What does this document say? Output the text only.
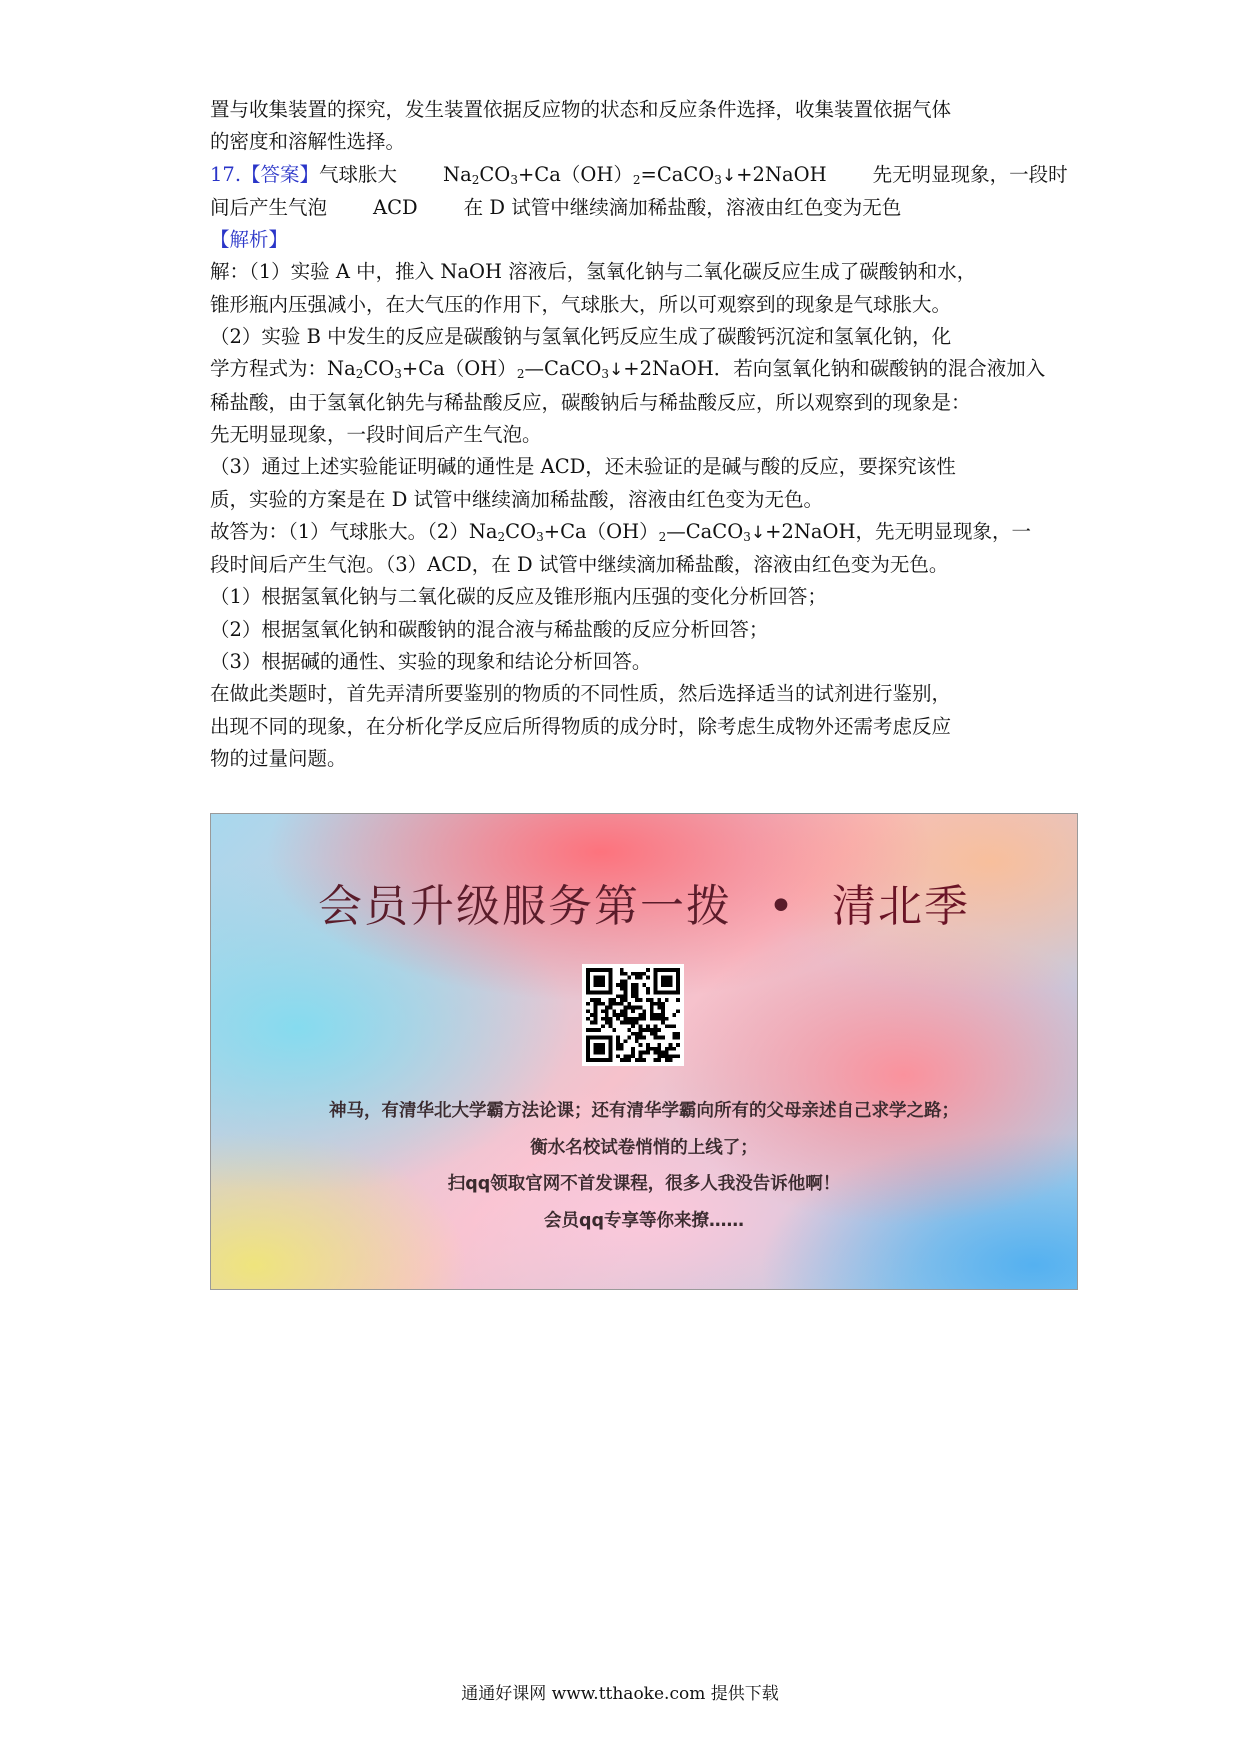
置与收集装置的探究，发生装置依据反应物的状态和反应条件选择，收集装置依据气体
的密度和溶解性选择。
17.【答案】气球胀大 $Na_2CO_3+Ca(OH)_2=CaCO_3↓+2NaOH$ 先无明显现象，一段时
间后产生气泡 ACD 在 D 试管中继续滴加稀盐酸，溶液由红色变为无色
【解析】
解：（1）实验 A 中，推入 NaOH 溶液后，氢氧化钠与二氧化碳反应生成了碳酸钠和水，
锥形瓶内压强减小，在大气压的作用下，气球胀大，所以可观察到的现象是气球胀大。
（2）实验 B 中发生的反应是碳酸钠与氢氧化钙反应生成了碳酸钙沉淀和氢氧化钠，化
学方程式为：$Na_2CO_3+Ca(OH)_2—CaCO_3↓+2NaOH$．若向氢氧化钠和碳酸钠的混合液加入
稀盐酸，由于氢氧化钠先与稀盐酸反应，碳酸钠后与稀盐酸反应，所以观察到的现象是：
先无明显现象，一段时间后产生气泡。
（3）通过上述实验能证明碱的通性是 ACD，还未验证的是碱与酸的反应，要探究该性
质，实验的方案是在 D 试管中继续滴加稀盐酸，溶液由红色变为无色。
故答为：（1）气球胀大。$(2)Na_2CO_3+Ca(OH)_2—CaCO_3↓+2NaOH$，先无明显现象，一
段时间后产生气泡。（3）ACD，在 D 试管中继续滴加稀盐酸，溶液由红色变为无色。
（1）根据氢氧化钠与二氧化碳的反应及锥形瓶内压强的变化分析回答；
（2）根据氢氧化钠和碳酸钠的混合液与稀盐酸的反应分析回答；
（3）根据碱的通性、实验的现象和结论分析回答。
在做此类题时，首先弄清所要鉴别的物质的不同性质，然后选择适当的试剂进行鉴别，
出现不同的现象，在分析化学反应后所得物质的成分时，除考虑生成物外还需考虑反应
物的过量问题。
会员升级服务第一拨 • 清北季
神马，有清华北大学霸方法论课；还有清华学霸向所有的父母亲述自己求学之路；
衡水名校试卷悄悄的上线了；
扫qq领取官网不首发课程，很多人我没告诉他啊！
会员qq专享等你来撩……
通通好课网 www.tthaoke.com 提供下载
